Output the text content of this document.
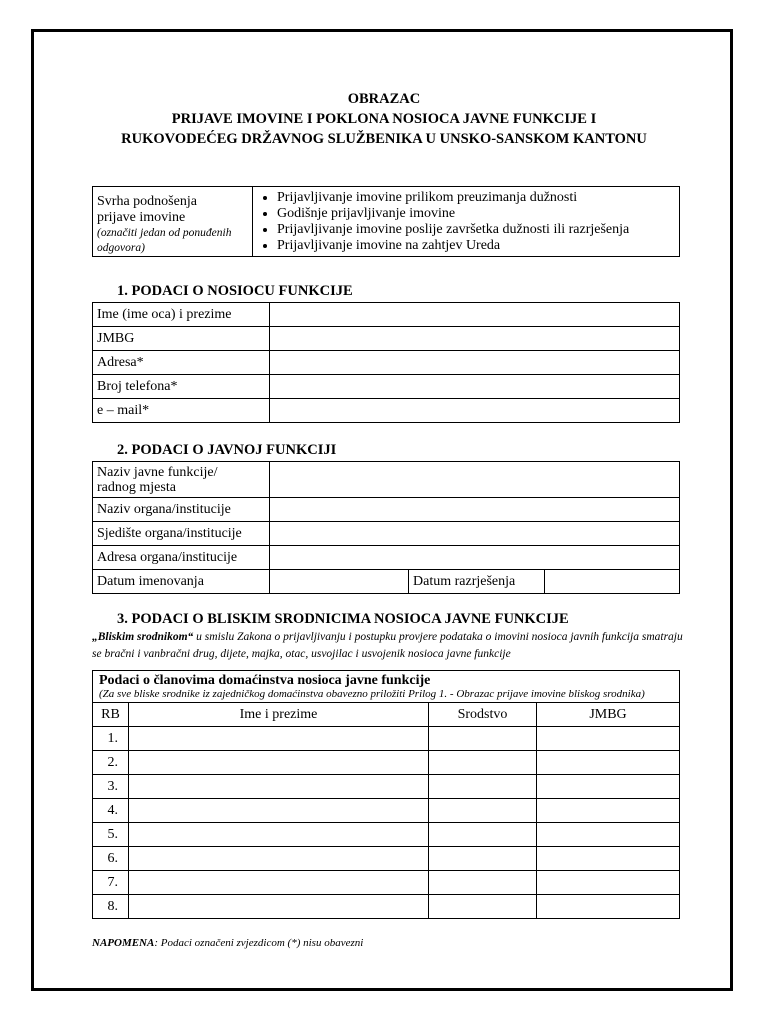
OBRAZAC
PRIJAVE IMOVINE I POKLONA NOSIOCA JAVNE FUNKCIJE I
RUKOVODEĆEG DRŽAVNOG SLUŽBENIKA U UNSKO-SANSKOM KANTONU
Svrha podnošenja
prijave imovine
(označiti jedan od ponuđenih odgovora)

• Prijavljivanje imovine prilikom preuzimanja dužnosti
• Godišnje prijavljivanje imovine
• Prijavljivanje imovine poslije završetka dužnosti ili razrješenja
• Prijavljivanje imovine na zahtjev Ureda
1. PODACI O NOSIOCU FUNKCIJE
Ime (ime oca) i prezime	
JMBG	
Adresa*	
Broj telefona*	
e – mail*	
2. PODACI O JAVNOJ FUNKCIJI
Naziv javne funkcije/
radnog mjesta			

Naziv organa/institucije			
Sjedište organa/institucije			
Adresa organa/institucije			
Datum imenovanja		Datum razrješenja	
3. PODACI O BLISKIM SRODNICIMA NOSIOCA JAVNE FUNKCIJE
„Bliskim srodnikom“ u smislu Zakona o prijavljivanju i postupku provjere podataka o imovini nosioca javnih funkcija smatraju se bračni i vanbračni drug, dijete, majka, otac, usvojilac i usvojenik nosioca javne funkcije
Podaci o članovima domaćinstva nosioca javne funkcije
(Za sve bliske srodnike iz zajedničkog domaćinstva obavezno priložiti Prilog 1. - Obrazac prijave imovine bliskog srodnika)			

RB	Ime i prezime	Srodstvo	JMBG
1.			
2.			
3.			
4.			
5.			
6.			
7.			
8.			
NAPOMENA: Podaci označeni zvjezdicom (*) nisu obavezni
